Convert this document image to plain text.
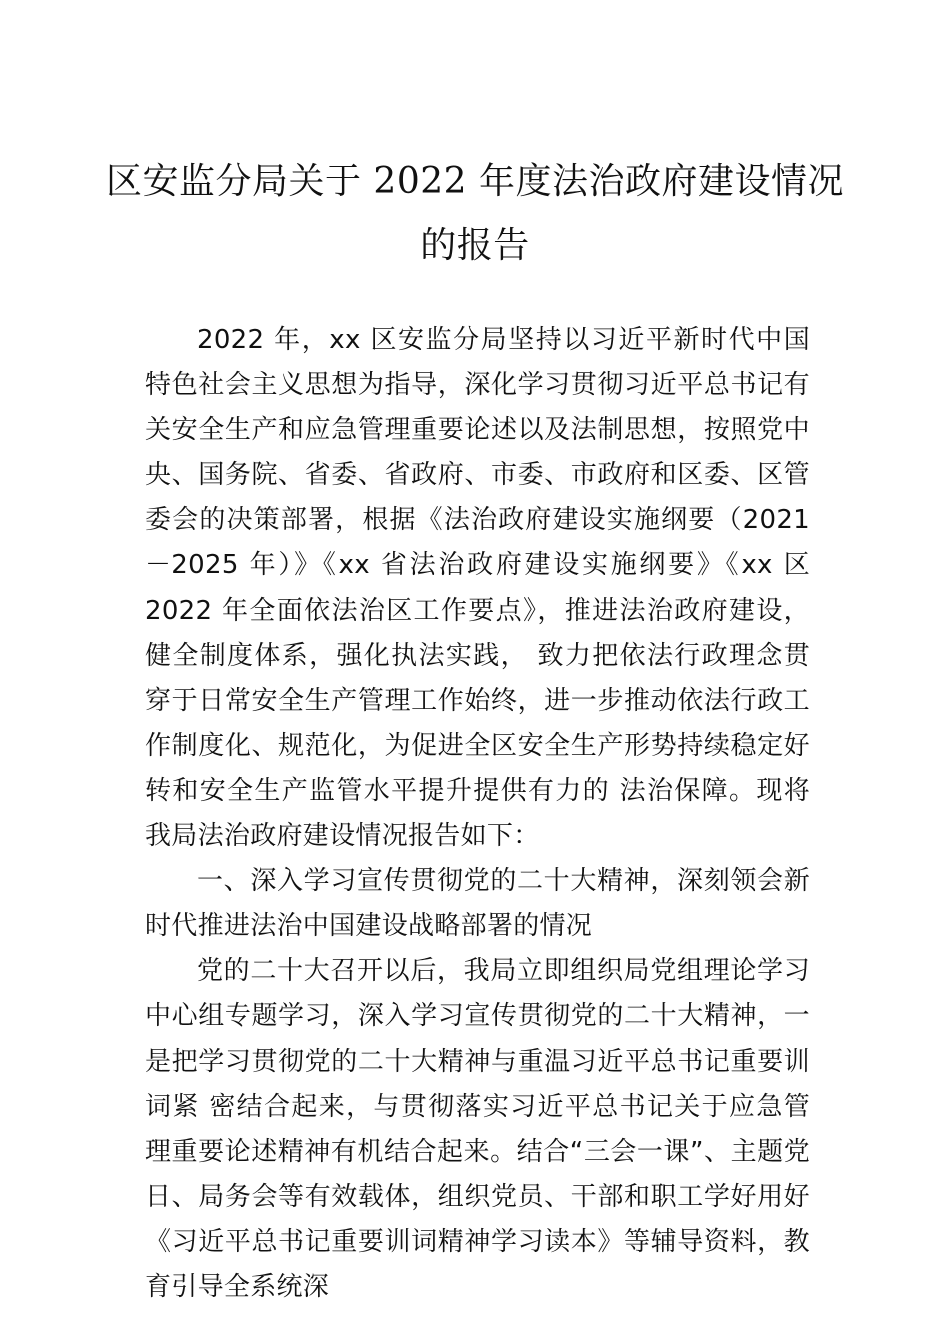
区安监分局关于 2022 年度法治政府建设情况的报告

2022 年，xx 区安监分局坚持以习近平新时代中国特色社会主义思想为指导，深化学习贯彻习近平总书记有关安全生产和应急管理重要论述以及法制思想，按照党中央、国务院、省委、省政府、市委、市政府和区委、区管委会的决策部署，根据《法治政府建设实施纲要（2021－2025 年）》《xx 省法治政府建设实施纲要》《xx 区 2022 年全面依法治区工作要点》，推进法治政府建设，健全制度体系，强化执法实践， 致力把依法行政理念贯穿于日常安全生产管理工作始终，进一步推动依法行政工作制度化、规范化，为促进全区安全生产形势持续稳定好转和安全生产监管水平提升提供有力的 法治保障。现将我局法治政府建设情况报告如下：

一、深入学习宣传贯彻党的二十大精神，深刻领会新时代推进法治中国建设战略部署的情况

党的二十大召开以后，我局立即组织局党组理论学习中心组专题学习，深入学习宣传贯彻党的二十大精神，一是把学习贯彻党的二十大精神与重温习近平总书记重要训词紧 密结合起来，与贯彻落实习近平总书记关于应急管理重要论述精神有机结合起来。结合“三会一课”、主题党日、局务会等有效载体，组织党员、干部和职工学好用好《习近平总书记重要训词精神学习读本》等辅导资料，教育引导全系统深
